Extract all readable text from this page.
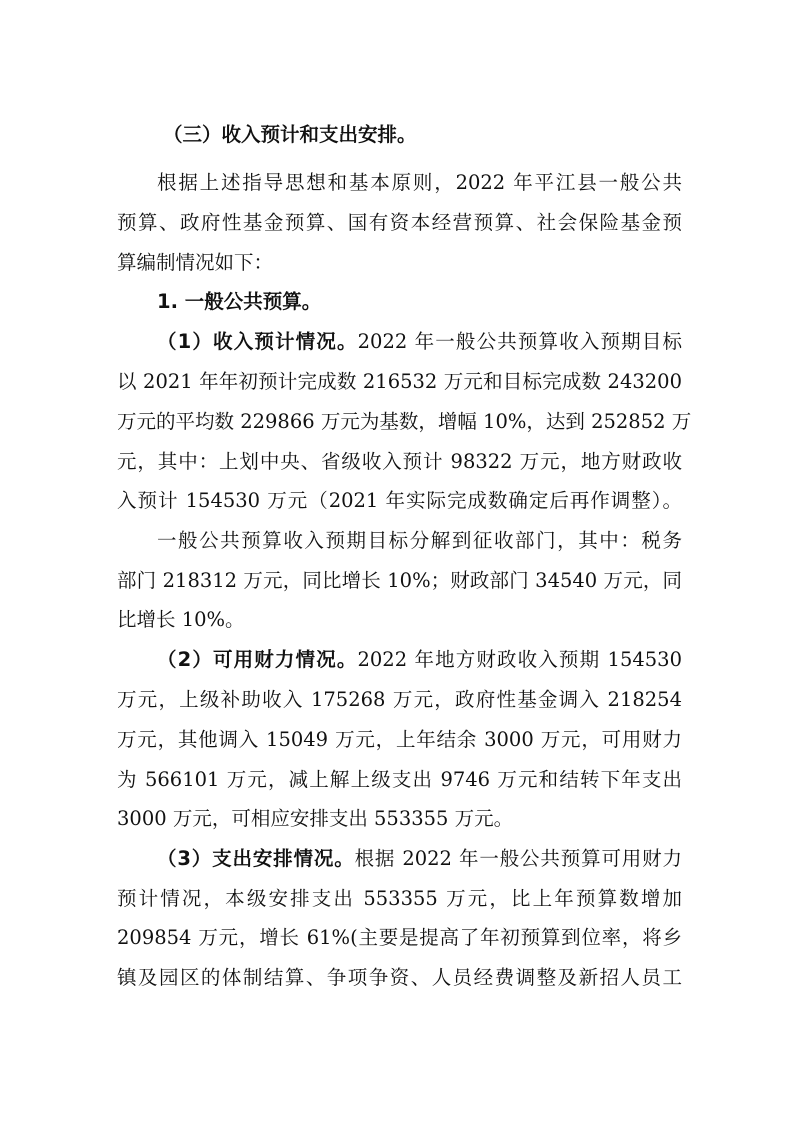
（三）收入预计和支出安排。
根据上述指导思想和基本原则，2022 年平江县一般公共
预算、政府性基金预算、国有资本经营预算、社会保险基金预
算编制情况如下：
1. 一般公共预算。
（1）收入预计情况。2022 年一般公共预算收入预期目标
以 2021 年年初预计完成数 216532 万元和目标完成数 243200
万元的平均数 229866 万元为基数，增幅 10%，达到 252852 万
元，其中：上划中央、省级收入预计 98322 万元，地方财政收
入预计 154530 万元（2021 年实际完成数确定后再作调整）。
一般公共预算收入预期目标分解到征收部门，其中：税务
部门 218312 万元，同比增长 10%；财政部门 34540 万元，同
比增长 10%。
（2）可用财力情况。2022 年地方财政收入预期 154530
万元，上级补助收入 175268 万元，政府性基金调入 218254
万元，其他调入 15049 万元，上年结余 3000 万元，可用财力
为 566101 万元，减上解上级支出 9746 万元和结转下年支出
3000 万元，可相应安排支出 553355 万元。
（3）支出安排情况。根据 2022 年一般公共预算可用财力
预计情况，本级安排支出 553355 万元，比上年预算数增加
209854 万元，增长 61%(主要是提高了年初预算到位率，将乡
镇及园区的体制结算、争项争资、人员经费调整及新招人员工
